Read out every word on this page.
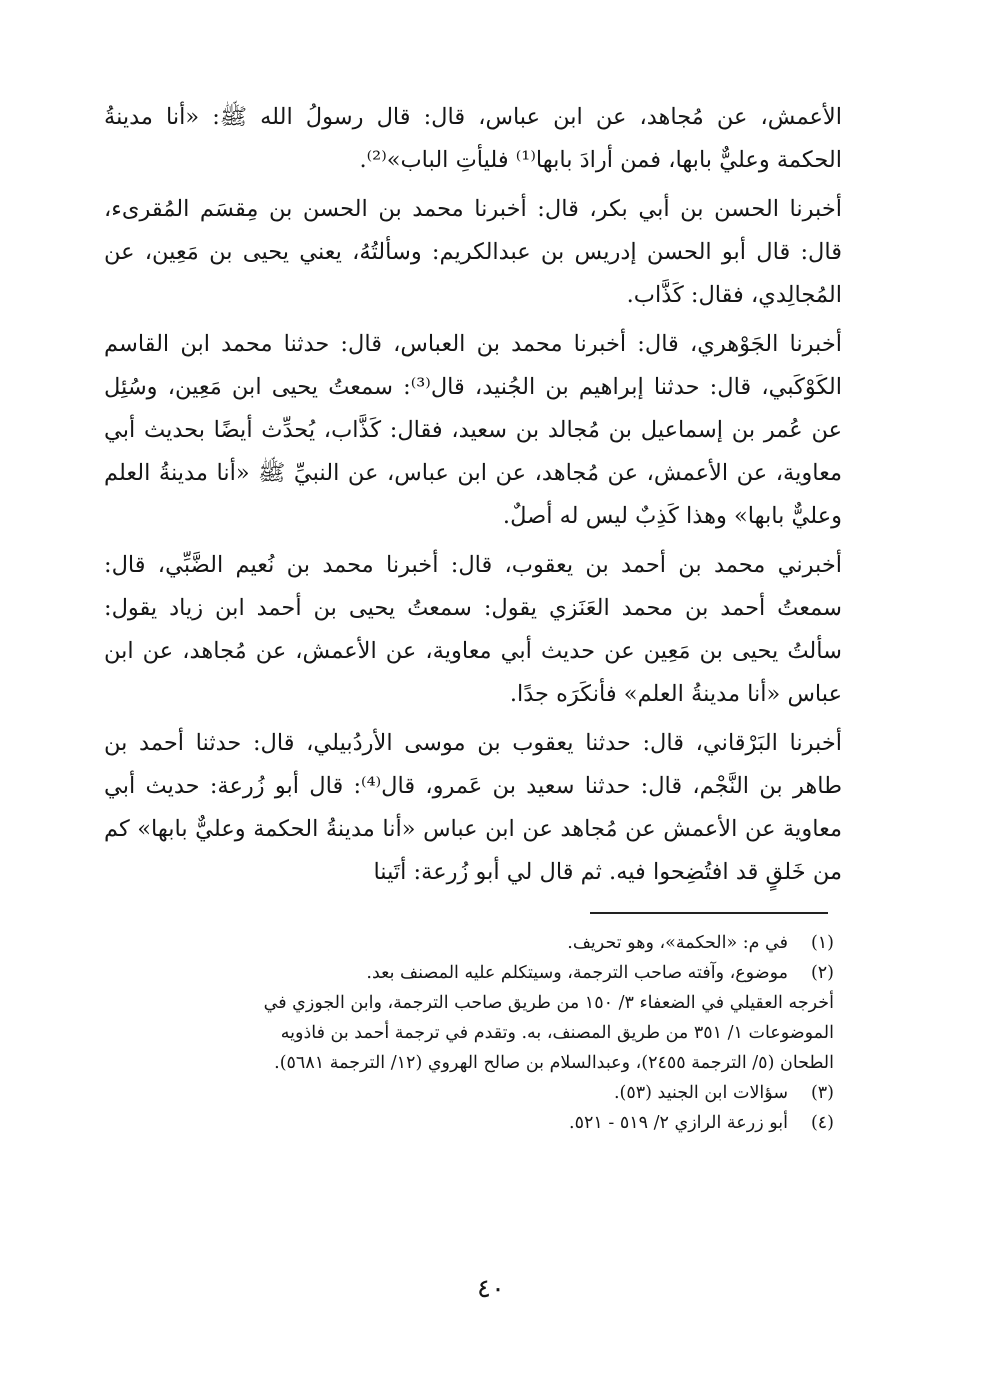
الأعمش، عن مُجاهد، عن ابن عباس، قال: قال رسولُ الله ﷺ: «أنا مدينةُ الحكمة وعليٌّ بابها، فمن أرادَ بابها⁽¹⁾ فليأتِ الباب»⁽²⁾.

أخبرنا الحسن بن أبي بكر، قال: أخبرنا محمد بن الحسن بن مِقسَم المُقرىء، قال: قال أبو الحسن إدريس بن عبدالكريم: وسألتُهُ، يعني يحيى بن مَعِين، عن المُجالِدي، فقال: كَذَّاب.

أخبرنا الجَوْهري، قال: أخبرنا محمد بن العباس، قال: حدثنا محمد ابن القاسم الكَوْكَبي، قال: حدثنا إبراهيم بن الجُنيد، قال⁽³⁾: سمعتُ يحيى ابن مَعِين، وسُئِل عن عُمر بن إسماعيل بن مُجالد بن سعيد، فقال: كَذَّاب، يُحدِّث أيضًا بحديث أبي معاوية، عن الأعمش، عن مُجاهد، عن ابن عباس، عن النبيِّ ﷺ «أنا مدينةُ العلم وعليٌّ بابها» وهذا كَذِبٌ ليس له أصلٌ.

أخبرني محمد بن أحمد بن يعقوب، قال: أخبرنا محمد بن نُعيم الضَّبِّي، قال: سمعتُ أحمد بن محمد العَنَزي يقول: سمعتُ يحيى بن أحمد ابن زياد يقول: سألتُ يحيى بن مَعِين عن حديث أبي معاوية، عن الأعمش، عن مُجاهد، عن ابن عباس «أنا مدينةُ العلم» فأنكَرَه جدًا.

أخبرنا البَرْقاني، قال: حدثنا يعقوب بن موسى الأردُبيلي، قال: حدثنا أحمد بن طاهر بن النَّجْم، قال: حدثنا سعيد بن عَمرو، قال⁽⁴⁾: قال أبو زُرعة: حديث أبي معاوية عن الأعمش عن مُجاهد عن ابن عباس «أنا مدينةُ الحكمة وعليٌّ بابها» كم من خَلقٍ قد افتُضِحوا فيه. ثم قال لي أبو زُرعة: أتَينا

(١)
في م: «الحكمة»، وهو تحريف.
(٢)
موضوع، وآفته صاحب الترجمة، وسيتكلم عليه المصنف بعد.
أخرجه العقيلي في الضعفاء ٣/ ١٥٠ من طريق صاحب الترجمة، وابن الجوزي في
الموضوعات ١/ ٣٥١ من طريق المصنف، به. وتقدم في ترجمة أحمد بن فاذويه
الطحان (٥/ الترجمة ٢٤٥٥)، وعبدالسلام بن صالح الهروي (١٢/ الترجمة ٥٦٨١).
(٣)
سؤالات ابن الجنيد (٥٣).
(٤)
أبو زرعة الرازي ٢/ ٥١٩ - ٥٢١.
٤٠
